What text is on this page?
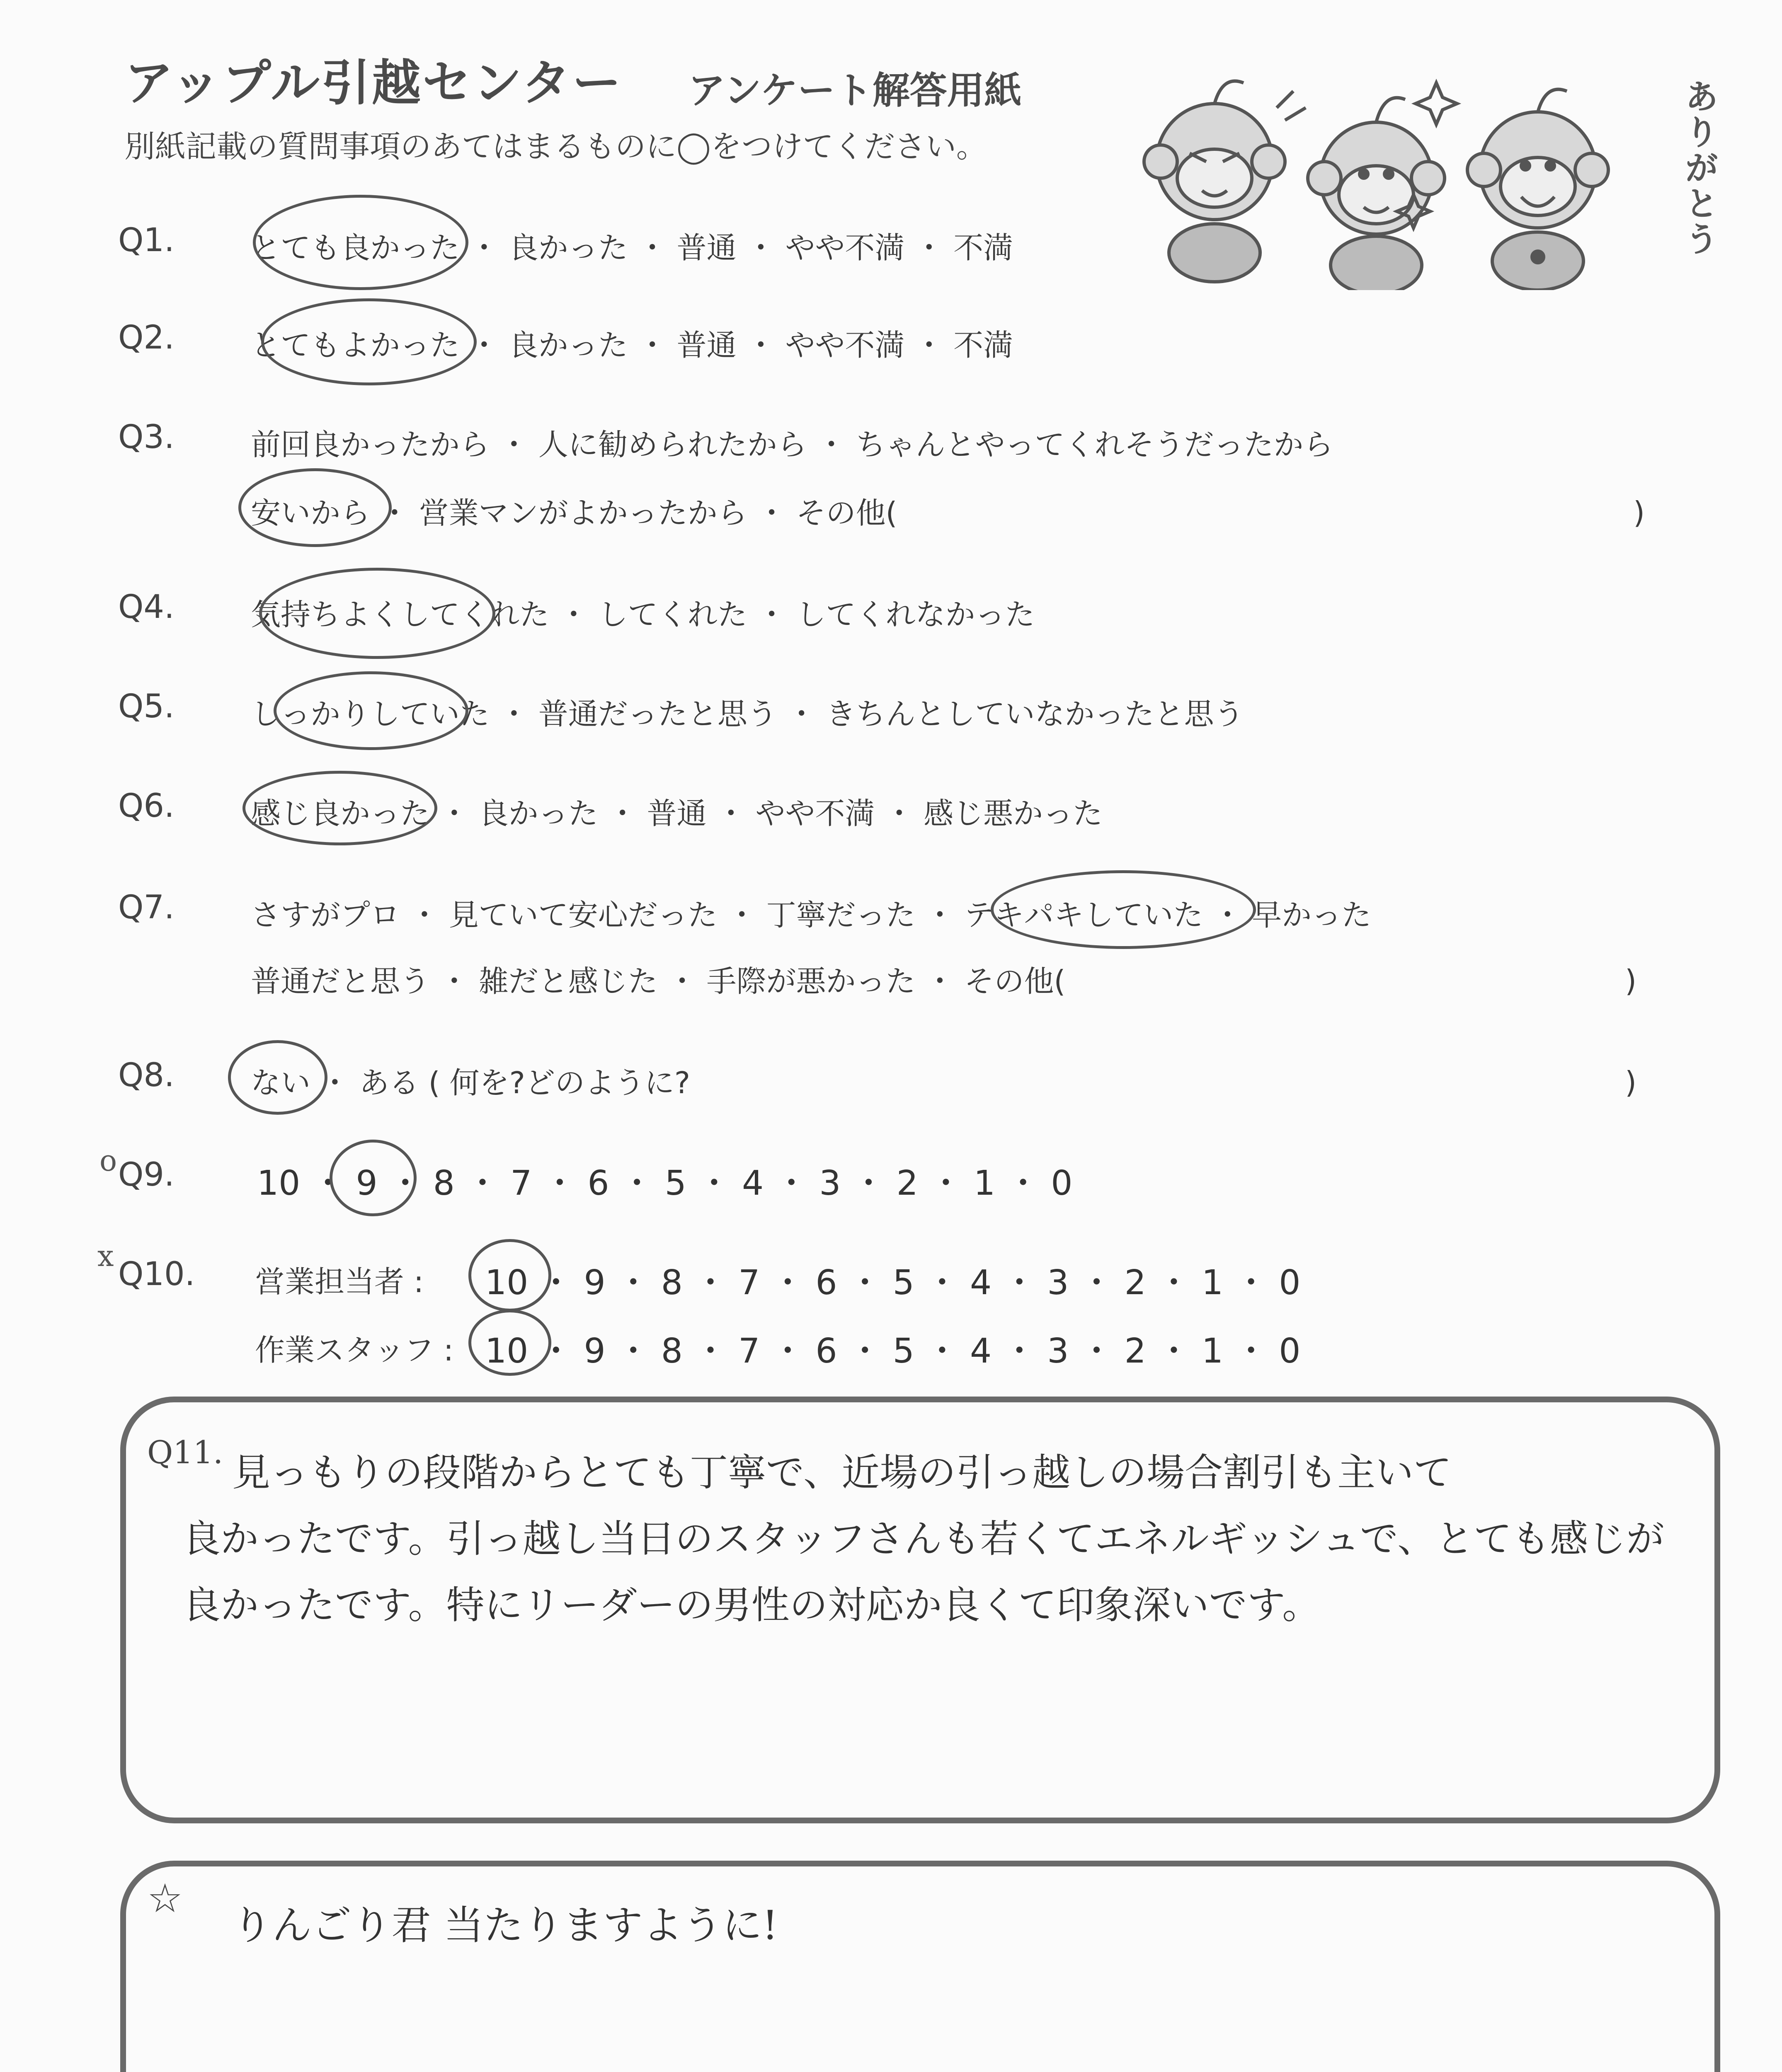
アップル引越センター アンケート解答用紙
別紙記載の質問事項のあてはまるものに◯をつけてください。	ありがとう
Q1.	とても良かった ・ 良かった ・ 普通 ・ やや不満 ・ 不満
Q2.	とてもよかった ・ 良かった ・ 普通 ・ やや不満 ・ 不満
Q3.	前回良かったから ・ 人に勧められたから ・ ちゃんとやってくれそうだったから
安いから ・ 営業マンがよかったから ・ その他(	)
Q4.	気持ちよくしてくれた ・ してくれた ・ してくれなかった
Q5.	しっかりしていた ・ 普通だったと思う ・ きちんとしていなかったと思う
Q6.	感じ良かった ・ 良かった ・ 普通 ・ やや不満 ・ 感じ悪かった
Q7.	さすがプロ ・ 見ていて安心だった ・ 丁寧だった ・ テキパキしていた ・ 早かった
普通だと思う ・ 雑だと感じた ・ 手際が悪かった ・ その他(	)
Q8.	ない ・ ある ( 何を?どのように?	)
Q9.
o
10 ・ 9 ・ 8 ・ 7 ・ 6 ・ 5 ・ 4 ・ 3 ・ 2 ・ 1 ・ 0
Q10.
x
営業担当者 : 10 ・ 9 ・ 8 ・ 7 ・ 6 ・ 5 ・ 4 ・ 3 ・ 2 ・ 1 ・ 0
作業スタッフ : 10 ・ 9 ・ 8 ・ 7 ・ 6 ・ 5 ・ 4 ・ 3 ・ 2 ・ 1 ・ 0
Q11. 見っもりの段階からとても丁寧で、近場の引っ越しの場合割引も主いて
良かったです。引っ越し当日のスタッフさんも若くてエネルギッシュで、とても感じが
良かったです。特にリーダーの男性の対応か良くて印象深いです。
☆
りんごり君 当たりますように!
